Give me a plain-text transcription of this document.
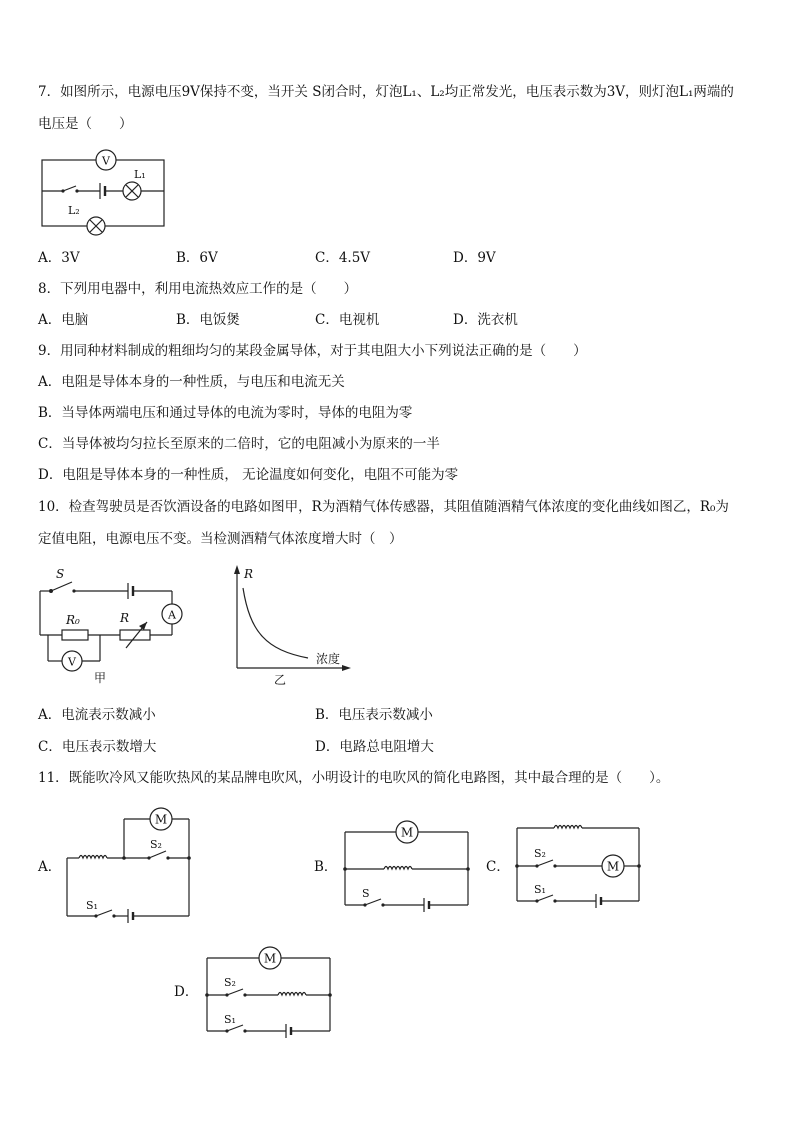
7．如图所示，电源电压9V保持不变，当开关 S闭合时，灯泡L₁、L₂均正常发光，电压表示数为3V，则灯泡L₁两端的
电压是（　　）
V
L₁
L₂
A．3V	B．6V	C．4.5V	D．9V
8．下列用电器中，利用电流热效应工作的是（　　）
A．电脑	B．电饭煲	C．电视机	D．洗衣机
9．用同种材料制成的粗细均匀的某段金属导体，对于其电阻大小下列说法正确的是（　　）
A．电阻是导体本身的一种性质，与电压和电流无关
B．当导体两端电压和通过导体的电流为零时，导体的电阻为零
C．当导体被均匀拉长至原来的二倍时，它的电阻减小为原来的一半
D．电阻是导体本身的一种性质， 无论温度如何变化，电阻不可能为零
10．检查驾驶员是否饮酒设备的电路如图甲，R为酒精气体传感器，其阻值随酒精气体浓度的变化曲线如图乙，R₀为
定值电阻，电源电压不变。当检测酒精气体浓度增大时（　）
S
A
R₀	R
V
甲
R
浓度
乙
A．电流表示数减小	B．电压表示数减小
C．电压表示数增大	D．电路总电阻增大
11．既能吹冷风又能吹热风的某品牌电吹风，小明设计的电吹风的简化电路图，其中最合理的是（　　）。
A．
M
S₂
S₁
B．
M
S
C．	M
S₂
S₁
D．
M
S₂
S₁
